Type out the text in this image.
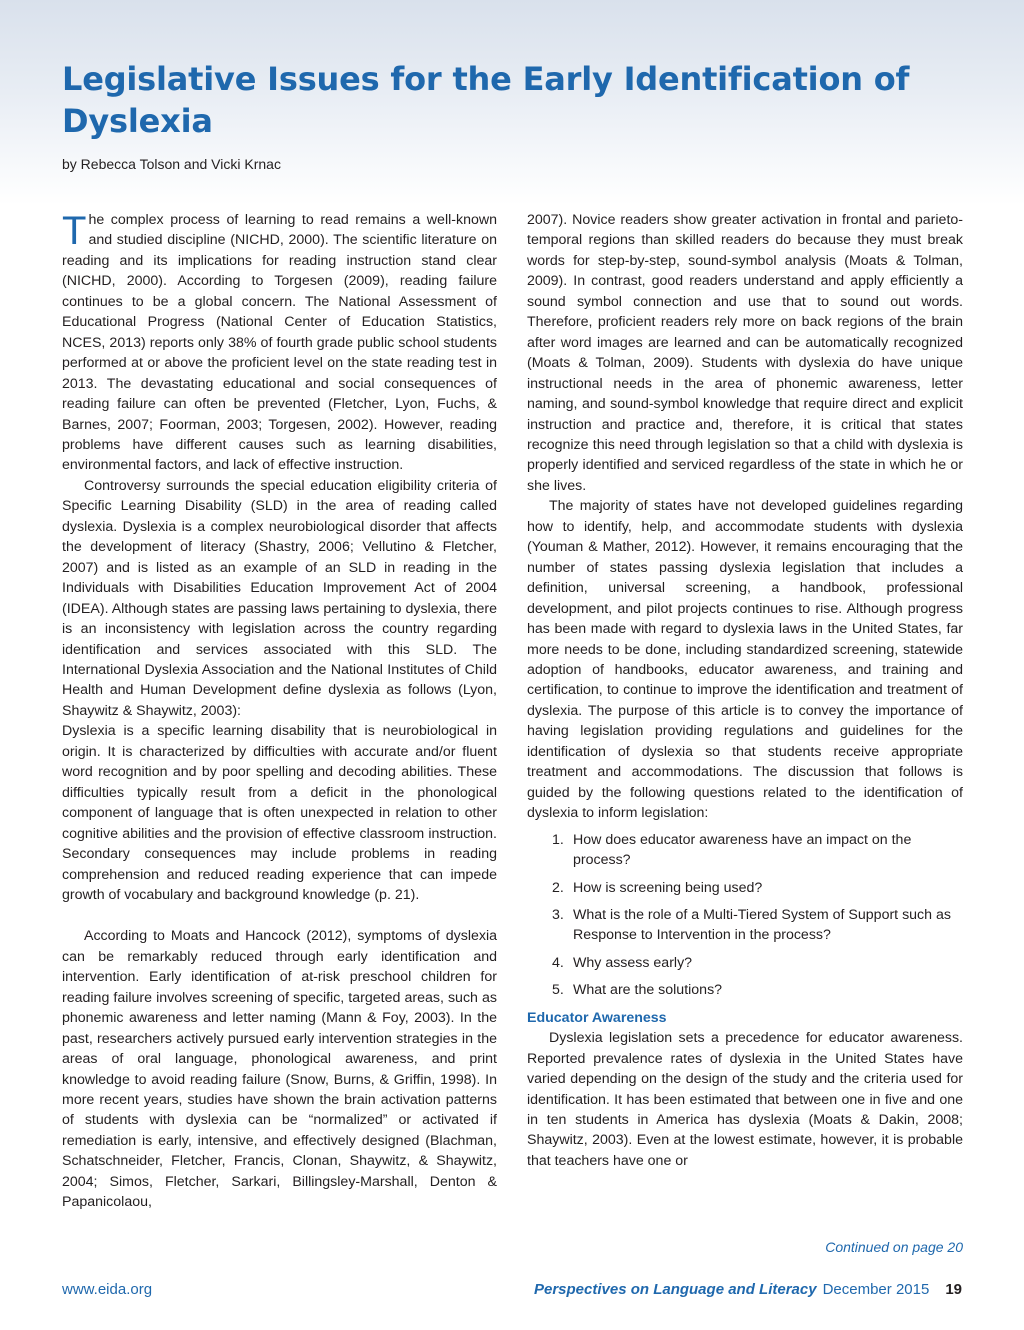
Legislative Issues for the Early Identification of Dyslexia

by Rebecca Tolson and Vicki Krnac

The complex process of learning to read remains a well-known and studied discipline (NICHD, 2000). The scientific literature on reading and its implications for reading instruction stand clear (NICHD, 2000). According to Torgesen (2009), reading failure continues to be a global concern. The National Assessment of Educational Progress (National Center of Education Statistics, NCES, 2013) reports only 38% of fourth grade public school students performed at or above the proficient level on the state reading test in 2013. The devastating educational and social consequences of reading failure can often be prevented (Fletcher, Lyon, Fuchs, & Barnes, 2007; Foorman, 2003; Torgesen, 2002). However, reading problems have different causes such as learning disabilities, environmental factors, and lack of effective instruction.

Controversy surrounds the special education eligibility criteria of Specific Learning Disability (SLD) in the area of reading called dyslexia. Dyslexia is a complex neurobiological disorder that affects the development of literacy (Shastry, 2006; Vellutino & Fletcher, 2007) and is listed as an example of an SLD in reading in the Individuals with Disabilities Education Improvement Act of 2004 (IDEA). Although states are passing laws pertaining to dyslexia, there is an inconsistency with legislation across the country regarding identification and services associated with this SLD. The International Dyslexia Association and the National Institutes of Child Health and Human Development define dyslexia as follows (Lyon, Shaywitz & Shaywitz, 2003):

Dyslexia is a specific learning disability that is neurobiological in origin. It is characterized by difficulties with accurate and/or fluent word recognition and by poor spelling and decoding abilities. These difficulties typically result from a deficit in the phonological component of language that is often unexpected in relation to other cognitive abilities and the provision of effective classroom instruction. Secondary consequences may include problems in reading comprehension and reduced reading experience that can impede growth of vocabulary and background knowledge (p. 21).

According to Moats and Hancock (2012), symptoms of dyslexia can be remarkably reduced through early identification and intervention. Early identification of at-risk preschool children for reading failure involves screening of specific, targeted areas, such as phonemic awareness and letter naming (Mann & Foy, 2003). In the past, researchers actively pursued early intervention strategies in the areas of oral language, phonological awareness, and print knowledge to avoid reading failure (Snow, Burns, & Griffin, 1998). In more recent years, studies have shown the brain activation patterns of students with dyslexia can be “normalized” or activated if remediation is early, intensive, and effectively designed (Blachman, Schatschneider, Fletcher, Francis, Clonan, Shaywitz, & Shaywitz, 2004; Simos, Fletcher, Sarkari, Billingsley-Marshall, Denton & Papanicolaou,

2007). Novice readers show greater activation in frontal and parieto-temporal regions than skilled readers do because they must break words for step-by-step, sound-symbol analysis (Moats & Tolman, 2009). In contrast, good readers understand and apply efficiently a sound symbol connection and use that to sound out words. Therefore, proficient readers rely more on back regions of the brain after word images are learned and can be automatically recognized (Moats & Tolman, 2009). Students with dyslexia do have unique instructional needs in the area of phonemic awareness, letter naming, and sound-symbol knowledge that require direct and explicit instruction and practice and, therefore, it is critical that states recognize this need through legislation so that a child with dyslexia is properly identified and serviced regardless of the state in which he or she lives.

The majority of states have not developed guidelines regarding how to identify, help, and accommodate students with dyslexia (Youman & Mather, 2012). However, it remains encouraging that the number of states passing dyslexia legislation that includes a definition, universal screening, a handbook, professional development, and pilot projects continues to rise. Although progress has been made with regard to dyslexia laws in the United States, far more needs to be done, including standardized screening, statewide adoption of handbooks, educator awareness, and training and certification, to continue to improve the identification and treatment of dyslexia. The purpose of this article is to convey the importance of having legislation providing regulations and guidelines for the identification of dyslexia so that students receive appropriate treatment and accommodations. The discussion that follows is guided by the following questions related to the identification of dyslexia to inform legislation:

1. How does educator awareness have an impact on the process?
2. How is screening being used?
3. What is the role of a Multi-Tiered System of Support such as Response to Intervention in the process?
4. Why assess early?
5. What are the solutions?

Educator Awareness

Dyslexia legislation sets a precedence for educator awareness. Reported prevalence rates of dyslexia in the United States have varied depending on the design of the study and the criteria used for identification. It has been estimated that between one in five and one in ten students in America has dyslexia (Moats & Dakin, 2008; Shaywitz, 2003). Even at the lowest estimate, however, it is probable that teachers have one or

Continued on page 20
www.eida.org	Perspectives on Language and Literacy December 2015 19
